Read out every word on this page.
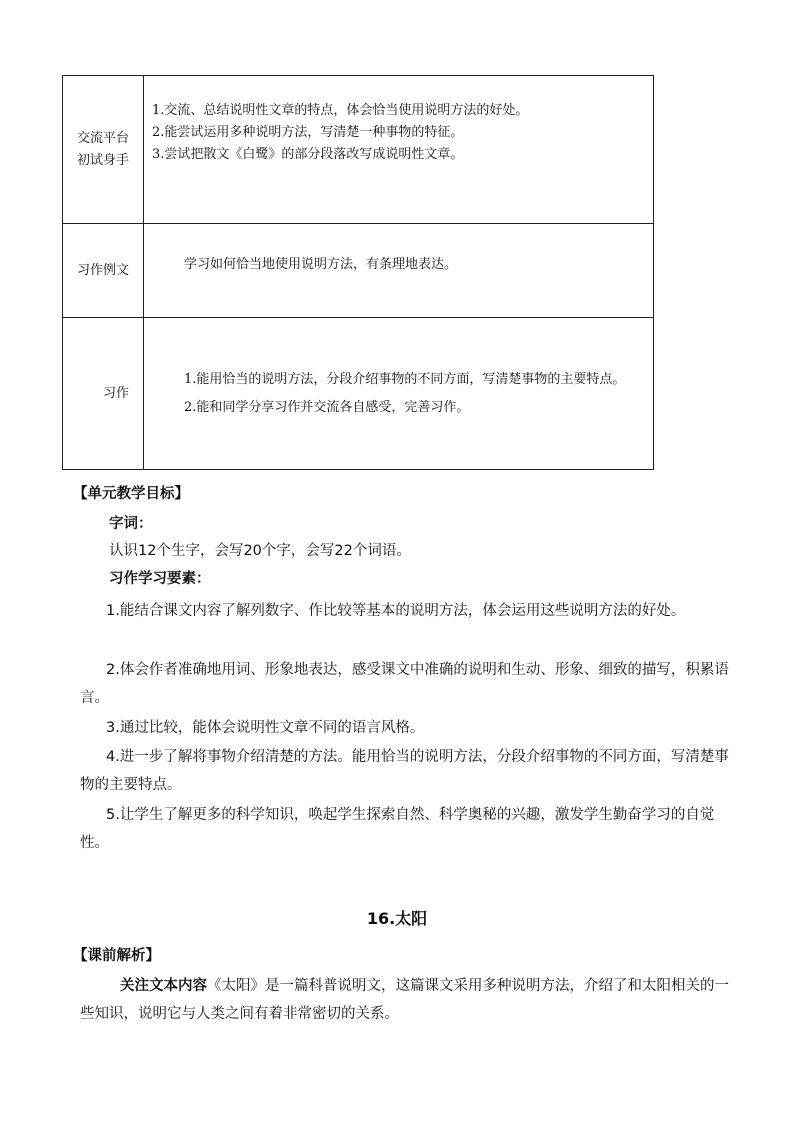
交流平台初试身手	1.交流、总结说明性文章的特点，体会恰当使用说明方法的好处。
2.能尝试运用多种说明方法，写清楚一种事物的特征。
3.尝试把散文《白鹭》的部分段落改写成说明性文章。

习作例文	学习如何恰当地使用说明方法，有条理地表达。

习作	1.能用恰当的说明方法，分段介绍事物的不同方面，写清楚事物的主要特点。
2.能和同学分享习作并交流各自感受，完善习作。
【单元教学目标】
字词：
认识12个生字，会写20个字，会写22个词语。
习作学习要素：
1.能结合课文内容了解列数字、作比较等基本的说明方法，体会运用这些说明方法的好处。
2.体会作者准确地用词、形象地表达，感受课文中准确的说明和生动、形象、细致的描写，积累语言。
3.通过比较，能体会说明性文章不同的语言风格。
4.进一步了解将事物介绍清楚的方法。能用恰当的说明方法，分段介绍事物的不同方面，写清楚事物的主要特点。
5.让学生了解更多的科学知识，唤起学生探索自然、科学奥秘的兴趣，激发学生勤奋学习的自觉性。
16.太阳
【课前解析】
关注文本内容《太阳》是一篇科普说明文，这篇课文采用多种说明方法，介绍了和太阳相关的一些知识，说明它与人类之间有着非常密切的关系。
